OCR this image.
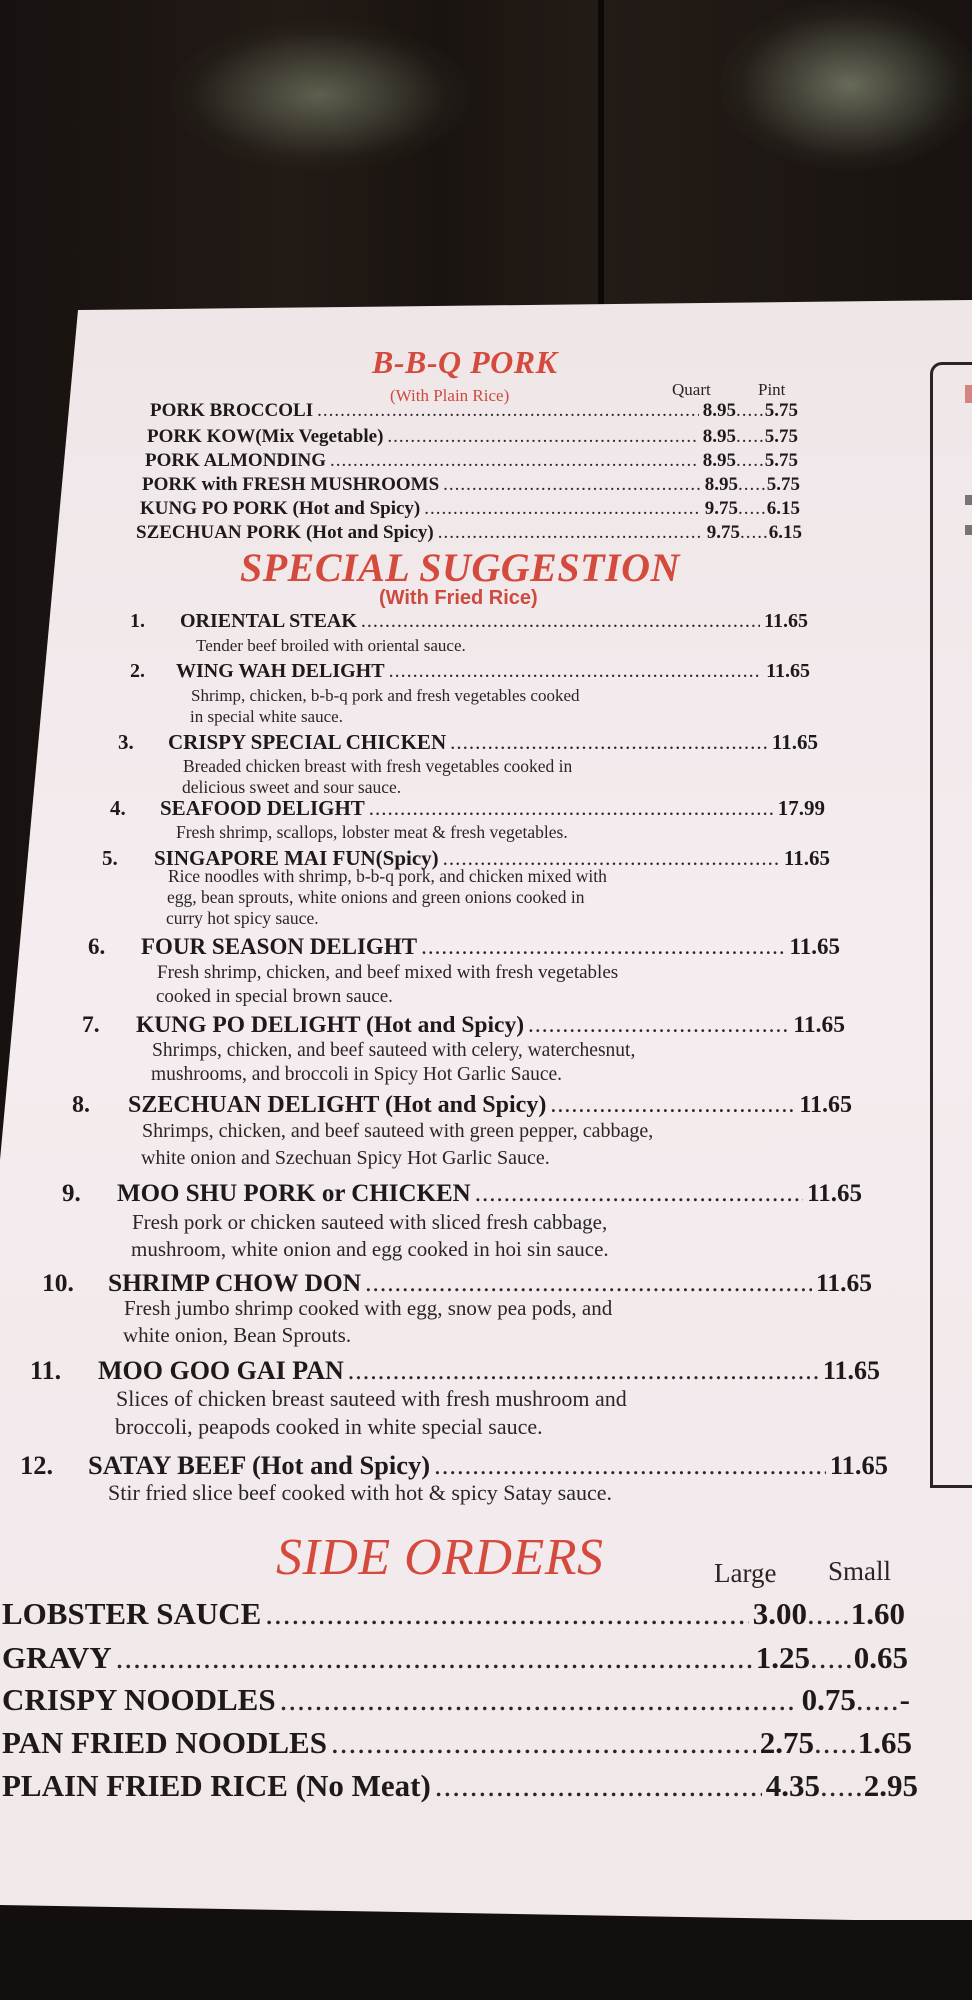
B-B-Q PORK
(With Plain Rice)	Quart	Pint
PORK BROCCOLI .....	8.95 ..... 5.75
PORK KOW(Mix Vegetable) .....	8.95 ..... 5.75
PORK ALMONDING .....	8.95 ..... 5.75
PORK with FRESH MUSHROOMS .....	8.95 ..... 5.75
KUNG PO PORK (Hot and Spicy) .....	9.75 ..... 6.15
SZECHUAN PORK (Hot and Spicy) .....	9.75 ..... 6.15
SPECIAL SUGGESTION
(With Fried Rice)
1. ORIENTAL STEAK .....	11.65
Tender beef broiled with oriental sauce.
2. WING WAH DELIGHT .....	11.65
Shrimp, chicken, b-b-q pork and fresh vegetables cooked
in special white sauce.
3. CRISPY SPECIAL CHICKEN .....	11.65
Breaded chicken breast with fresh vegetables cooked in
delicious sweet and sour sauce.
4. SEAFOOD DELIGHT .....	17.99
Fresh shrimp, scallops, lobster meat & fresh vegetables.
5. SINGAPORE MAI FUN(Spicy) .....	11.65
Rice noodles with shrimp, b-b-q pork, and chicken mixed with
egg, bean sprouts, white onions and green onions cooked in
curry hot spicy sauce.
6. FOUR SEASON DELIGHT .....	11.65
Fresh shrimp, chicken, and beef mixed with fresh vegetables
cooked in special brown sauce.
7. KUNG PO DELIGHT (Hot and Spicy) .....	11.65
Shrimps, chicken, and beef sauteed with celery, waterchesnut,
mushrooms, and broccoli in Spicy Hot Garlic Sauce.
8. SZECHUAN DELIGHT (Hot and Spicy) .....	11.65
Shrimps, chicken, and beef sauteed with green pepper, cabbage,
white onion and Szechuan Spicy Hot Garlic Sauce.
9. MOO SHU PORK or CHICKEN .....	11.65
Fresh pork or chicken sauteed with sliced fresh cabbage,
mushroom, white onion and egg cooked in hoi sin sauce.
10. SHRIMP CHOW DON .....	11.65
Fresh jumbo shrimp cooked with egg, snow pea pods, and
white onion, Bean Sprouts.
11. MOO GOO GAI PAN .....	11.65
Slices of chicken breast sauteed with fresh mushroom and
broccoli, peapods cooked in white special sauce.
12. SATAY BEEF (Hot and Spicy) .....	11.65
Stir fried slice beef cooked with hot & spicy Satay sauce.
SIDE ORDERS	Large Small
LOBSTER SAUCE .....	3.00 ..... 1.60
GRAVY .....	1.25 ..... 0.65
CRISPY NOODLES .....	0.75 ..... -
PAN FRIED NOODLES .....	2.75 ..... 1.65
PLAIN FRIED RICE (No Meat) .....	4.35 ..... 2.95
